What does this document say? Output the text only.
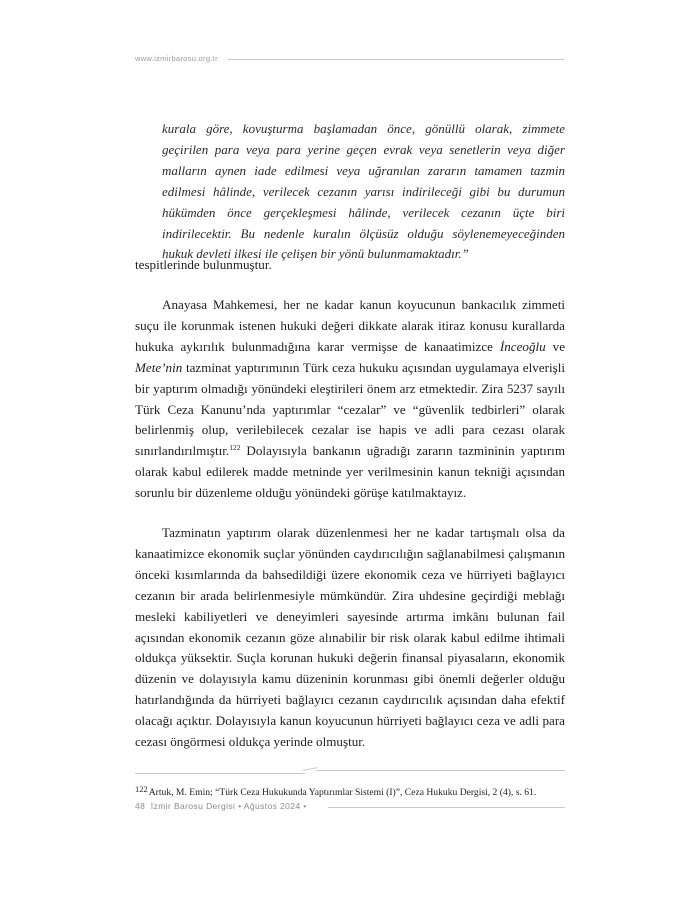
www.izmirbarosu.org.tr

kurala göre, kovuşturma başlamadan önce, gönüllü olarak, zimmete geçirilen para veya para yerine geçen evrak veya senetlerin veya diğer malların aynen iade edilmesi veya uğranılan zararın tamamen tazmin edilmesi hâlinde, verilecek cezanın yarısı indirileceği gibi bu durumun hükümden önce gerçekleşmesi hâlinde, verilecek cezanın üçte biri indirilecektir. Bu nedenle kuralın ölçüsüz olduğu söylenemeyeceğinden hukuk devleti ilkesi ile çelişen bir yönü bulunmamaktadır.”

tespitlerinde bulunmuştur.

Anayasa Mahkemesi, her ne kadar kanun koyucunun bankacılık zimmeti suçu ile korunmak istenen hukuki değeri dikkate alarak itiraz konusu kurallarda hukuka aykırılık bulunmadığına karar vermişse de kanaatimizce İnceoğlu ve Mete’nin tazminat yaptırımının Türk ceza hukuku açısından uygulamaya elverişli bir yaptırım olmadığı yönündeki eleştirileri önem arz etmektedir. Zira 5237 sayılı Türk Ceza Kanunu’nda yaptırımlar “cezalar” ve “güvenlik tedbirleri” olarak belirlenmiş olup, verilebilecek cezalar ise hapis ve adli para cezası olarak sınırlandırılmıştır.$^{122}$ Dolayısıyla bankanın uğradığı zararın tazmininin yaptırım olarak kabul edilerek madde metninde yer verilmesinin kanun tekniği açısından sorunlu bir düzenleme olduğu yönündeki görüşe katılmaktayız.

Tazminatın yaptırım olarak düzenlenmesi her ne kadar tartışmalı olsa da kanaatimizce ekonomik suçlar yönünden caydırıcılığın sağlanabilmesi çalışmanın önceki kısımlarında da bahsedildiği üzere ekonomik ceza ve hürriyeti bağlayıcı cezanın bir arada belirlenmesiyle mümkündür. Zira uhdesine geçirdiği meblağı mesleki kabiliyetleri ve deneyimleri sayesinde artırma imkânı bulunan fail açısından ekonomik cezanın göze alınabilir bir risk olarak kabul edilme ihtimali oldukça yüksektir. Suçla korunan hukuki değerin finansal piyasaların, ekonomik düzenin ve dolayısıyla kamu düzeninin korunması gibi önemli değerler olduğu hatırlandığında da hürriyeti bağlayıcı cezanın caydırıcılık açısından daha efektif olacağı açıktır. Dolayısıyla kanun koyucunun hürriyeti bağlayıcı ceza ve adli para cezası öngörmesi oldukça yerinde olmuştur.

122Artuk, M. Emin; “Türk Ceza Hukukunda Yaptırımlar Sistemi (I)”, Ceza Hukuku Dergisi, 2 (4), s. 61.
48 İzmir Barosu Dergisi • Ağustos 2024 •
